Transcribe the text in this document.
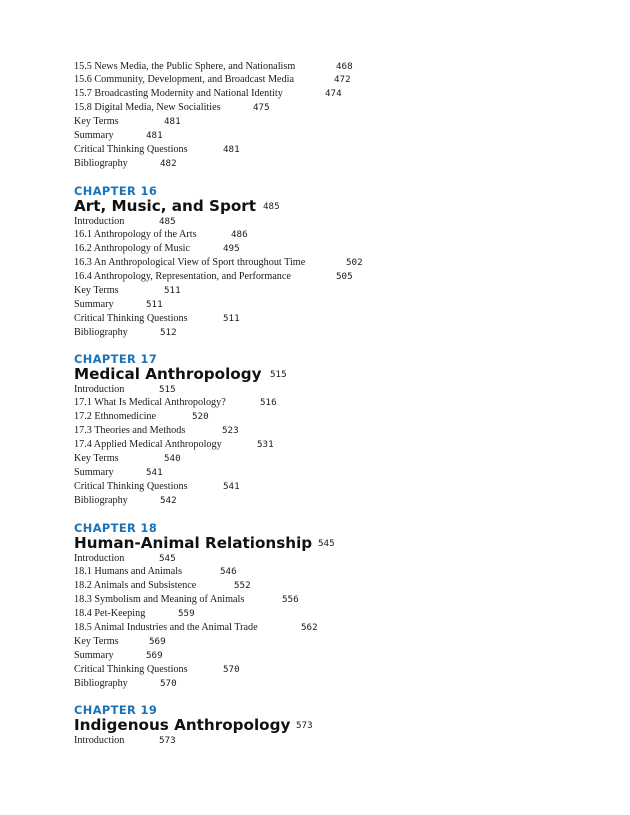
15.5 News Media, the Public Sphere, and Nationalism	468
15.6 Community, Development, and Broadcast Media	472
15.7 Broadcasting Modernity and National Identity	474
15.8 Digital Media, New Socialities	475
Key Terms	481
Summary	481
Critical Thinking Questions	481
Bibliography	482
CHAPTER 16
Art, Music, and Sport 485
Introduction	485
16.1 Anthropology of the Arts	486
16.2 Anthropology of Music	495
16.3 An Anthropological View of Sport throughout Time	502
16.4 Anthropology, Representation, and Performance	505
Key Terms	511
Summary	511
Critical Thinking Questions	511
Bibliography	512
CHAPTER 17
Medical Anthropology 515
Introduction	515
17.1 What Is Medical Anthropology?	516
17.2 Ethnomedicine	520
17.3 Theories and Methods	523
17.4 Applied Medical Anthropology	531
Key Terms	540
Summary	541
Critical Thinking Questions	541
Bibliography	542
CHAPTER 18
Human-Animal Relationship 545
Introduction	545
18.1 Humans and Animals	546
18.2 Animals and Subsistence	552
18.3 Symbolism and Meaning of Animals	556
18.4 Pet-Keeping	559
18.5 Animal Industries and the Animal Trade	562
Key Terms	569
Summary	569
Critical Thinking Questions	570
Bibliography	570
CHAPTER 19
Indigenous Anthropology 573
Introduction	573
